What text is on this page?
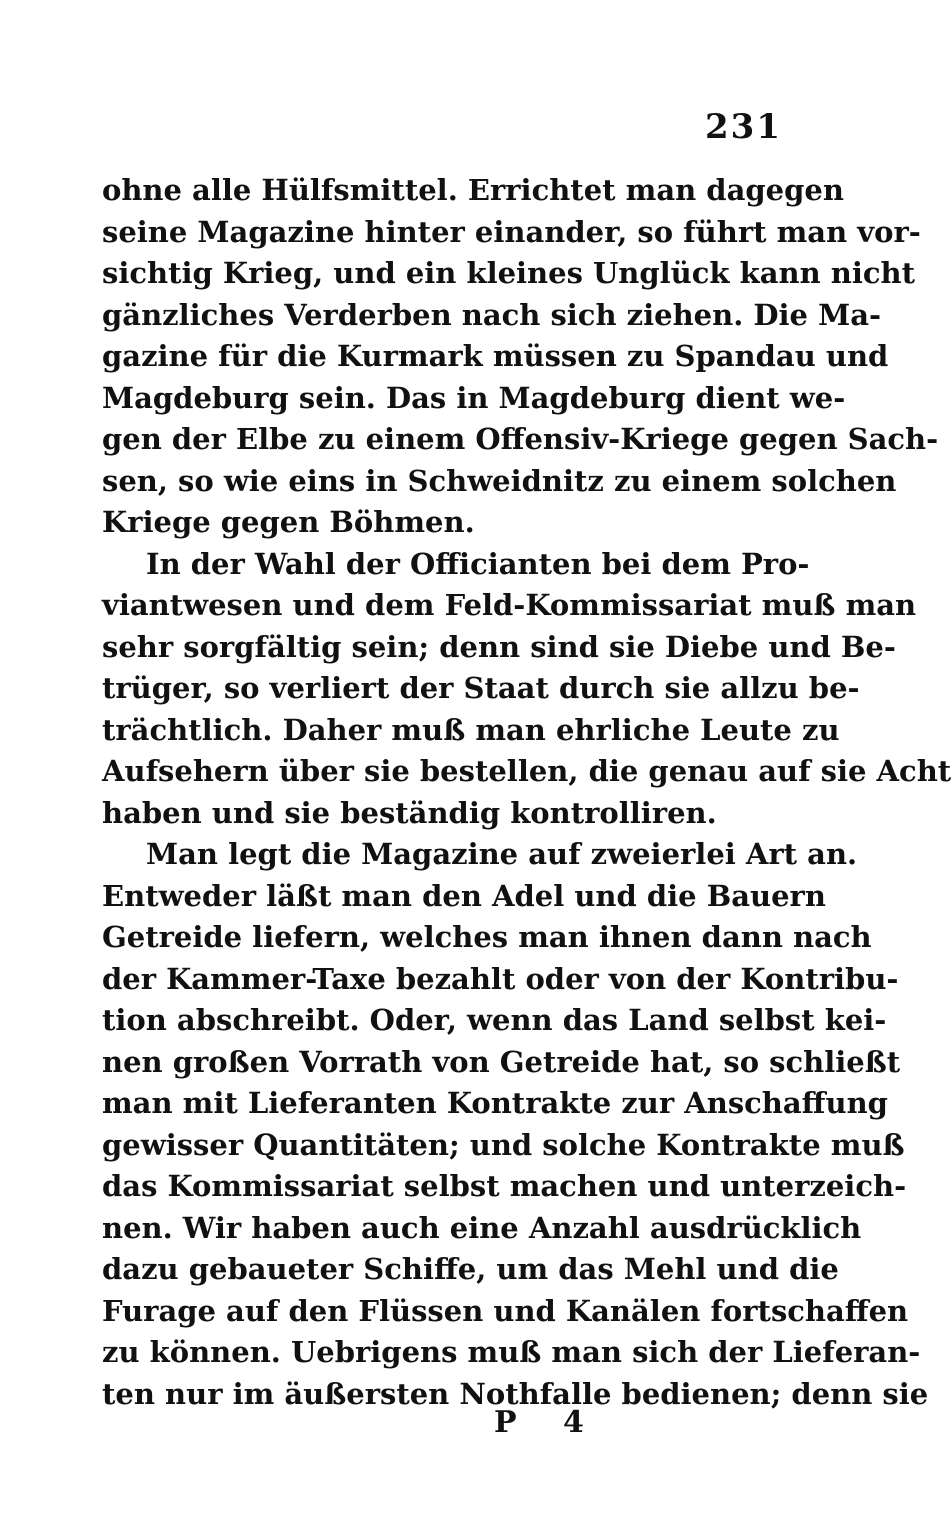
231
ohne alle Hülfsmittel. Errichtet man dagegen
seine Magazine hinter einander, so führt man vor-
sichtig Krieg, und ein kleines Unglück kann nicht
gänzliches Verderben nach sich ziehen. Die Ma-
gazine für die Kurmark müssen zu Spandau und
Magdeburg sein. Das in Magdeburg dient we-
gen der Elbe zu einem Offensiv-Kriege gegen Sach-
sen, so wie eins in Schweidnitz zu einem solchen
Kriege gegen Böhmen.
In der Wahl der Officianten bei dem Pro-
viantwesen und dem Feld-Kommissariat muß man
sehr sorgfältig sein; denn sind sie Diebe und Be-
trüger, so verliert der Staat durch sie allzu be-
trächtlich. Daher muß man ehrliche Leute zu
Aufsehern über sie bestellen, die genau auf sie Acht
haben und sie beständig kontrolliren.
Man legt die Magazine auf zweierlei Art an.
Entweder läßt man den Adel und die Bauern
Getreide liefern, welches man ihnen dann nach
der Kammer-Taxe bezahlt oder von der Kontribu-
tion abschreibt. Oder, wenn das Land selbst kei-
nen großen Vorrath von Getreide hat, so schließt
man mit Lieferanten Kontrakte zur Anschaffung
gewisser Quantitäten; und solche Kontrakte muß
das Kommissariat selbst machen und unterzeich-
nen. Wir haben auch eine Anzahl ausdrücklich
dazu gebaueter Schiffe, um das Mehl und die
Furage auf den Flüssen und Kanälen fortschaffen
zu können. Uebrigens muß man sich der Lieferan-
ten nur im äußersten Nothfalle bedienen; denn sie
P 4
